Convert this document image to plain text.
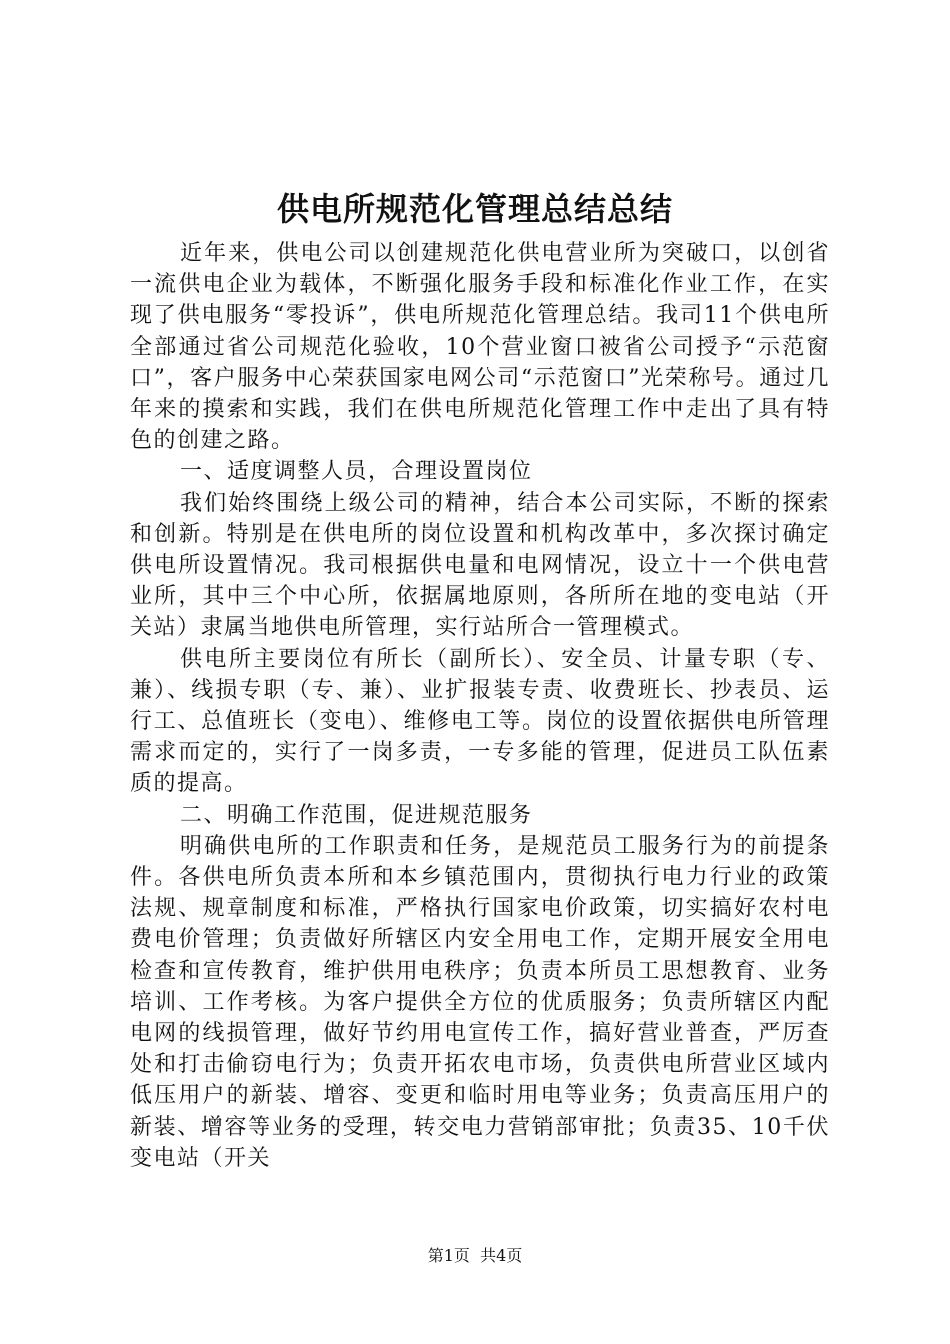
供电所规范化管理总结总结

近年来，供电公司以创建规范化供电营业所为突破口，以创省一流供电企业为载体，不断强化服务手段和标准化作业工作，在实现了供电服务“零投诉”，供电所规范化管理总结。我司11个供电所全部通过省公司规范化验收，10个营业窗口被省公司授予“示范窗口”，客户服务中心荣获国家电网公司“示范窗口”光荣称号。通过几年来的摸索和实践，我们在供电所规范化管理工作中走出了具有特色的创建之路。

一、适度调整人员，合理设置岗位

我们始终围绕上级公司的精神，结合本公司实际，不断的探索和创新。特别是在供电所的岗位设置和机构改革中，多次探讨确定供电所设置情况。我司根据供电量和电网情况，设立十一个供电营业所，其中三个中心所，依据属地原则，各所所在地的变电站（开关站）隶属当地供电所管理，实行站所合一管理模式。

供电所主要岗位有所长（副所长）、安全员、计量专职（专、兼）、线损专职（专、兼）、业扩报装专责、收费班长、抄表员、运行工、总值班长（变电）、维修电工等。岗位的设置依据供电所管理需求而定的，实行了一岗多责，一专多能的管理，促进员工队伍素质的提高。

二、明确工作范围，促进规范服务

明确供电所的工作职责和任务，是规范员工服务行为的前提条件。各供电所负责本所和本乡镇范围内，贯彻执行电力行业的政策法规、规章制度和标准，严格执行国家电价政策，切实搞好农村电费电价管理；负责做好所辖区内安全用电工作，定期开展安全用电检查和宣传教育，维护供用电秩序；负责本所员工思想教育、业务培训、工作考核。为客户提供全方位的优质服务；负责所辖区内配电网的线损管理，做好节约用电宣传工作，搞好营业普查，严厉查处和打击偷窃电行为；负责开拓农电市场，负责供电所营业区域内低压用户的新装、增容、变更和临时用电等业务；负责高压用户的新装、增容等业务的受理，转交电力营销部审批；负责35、10千伏变电站（开关

第1页 共4页
